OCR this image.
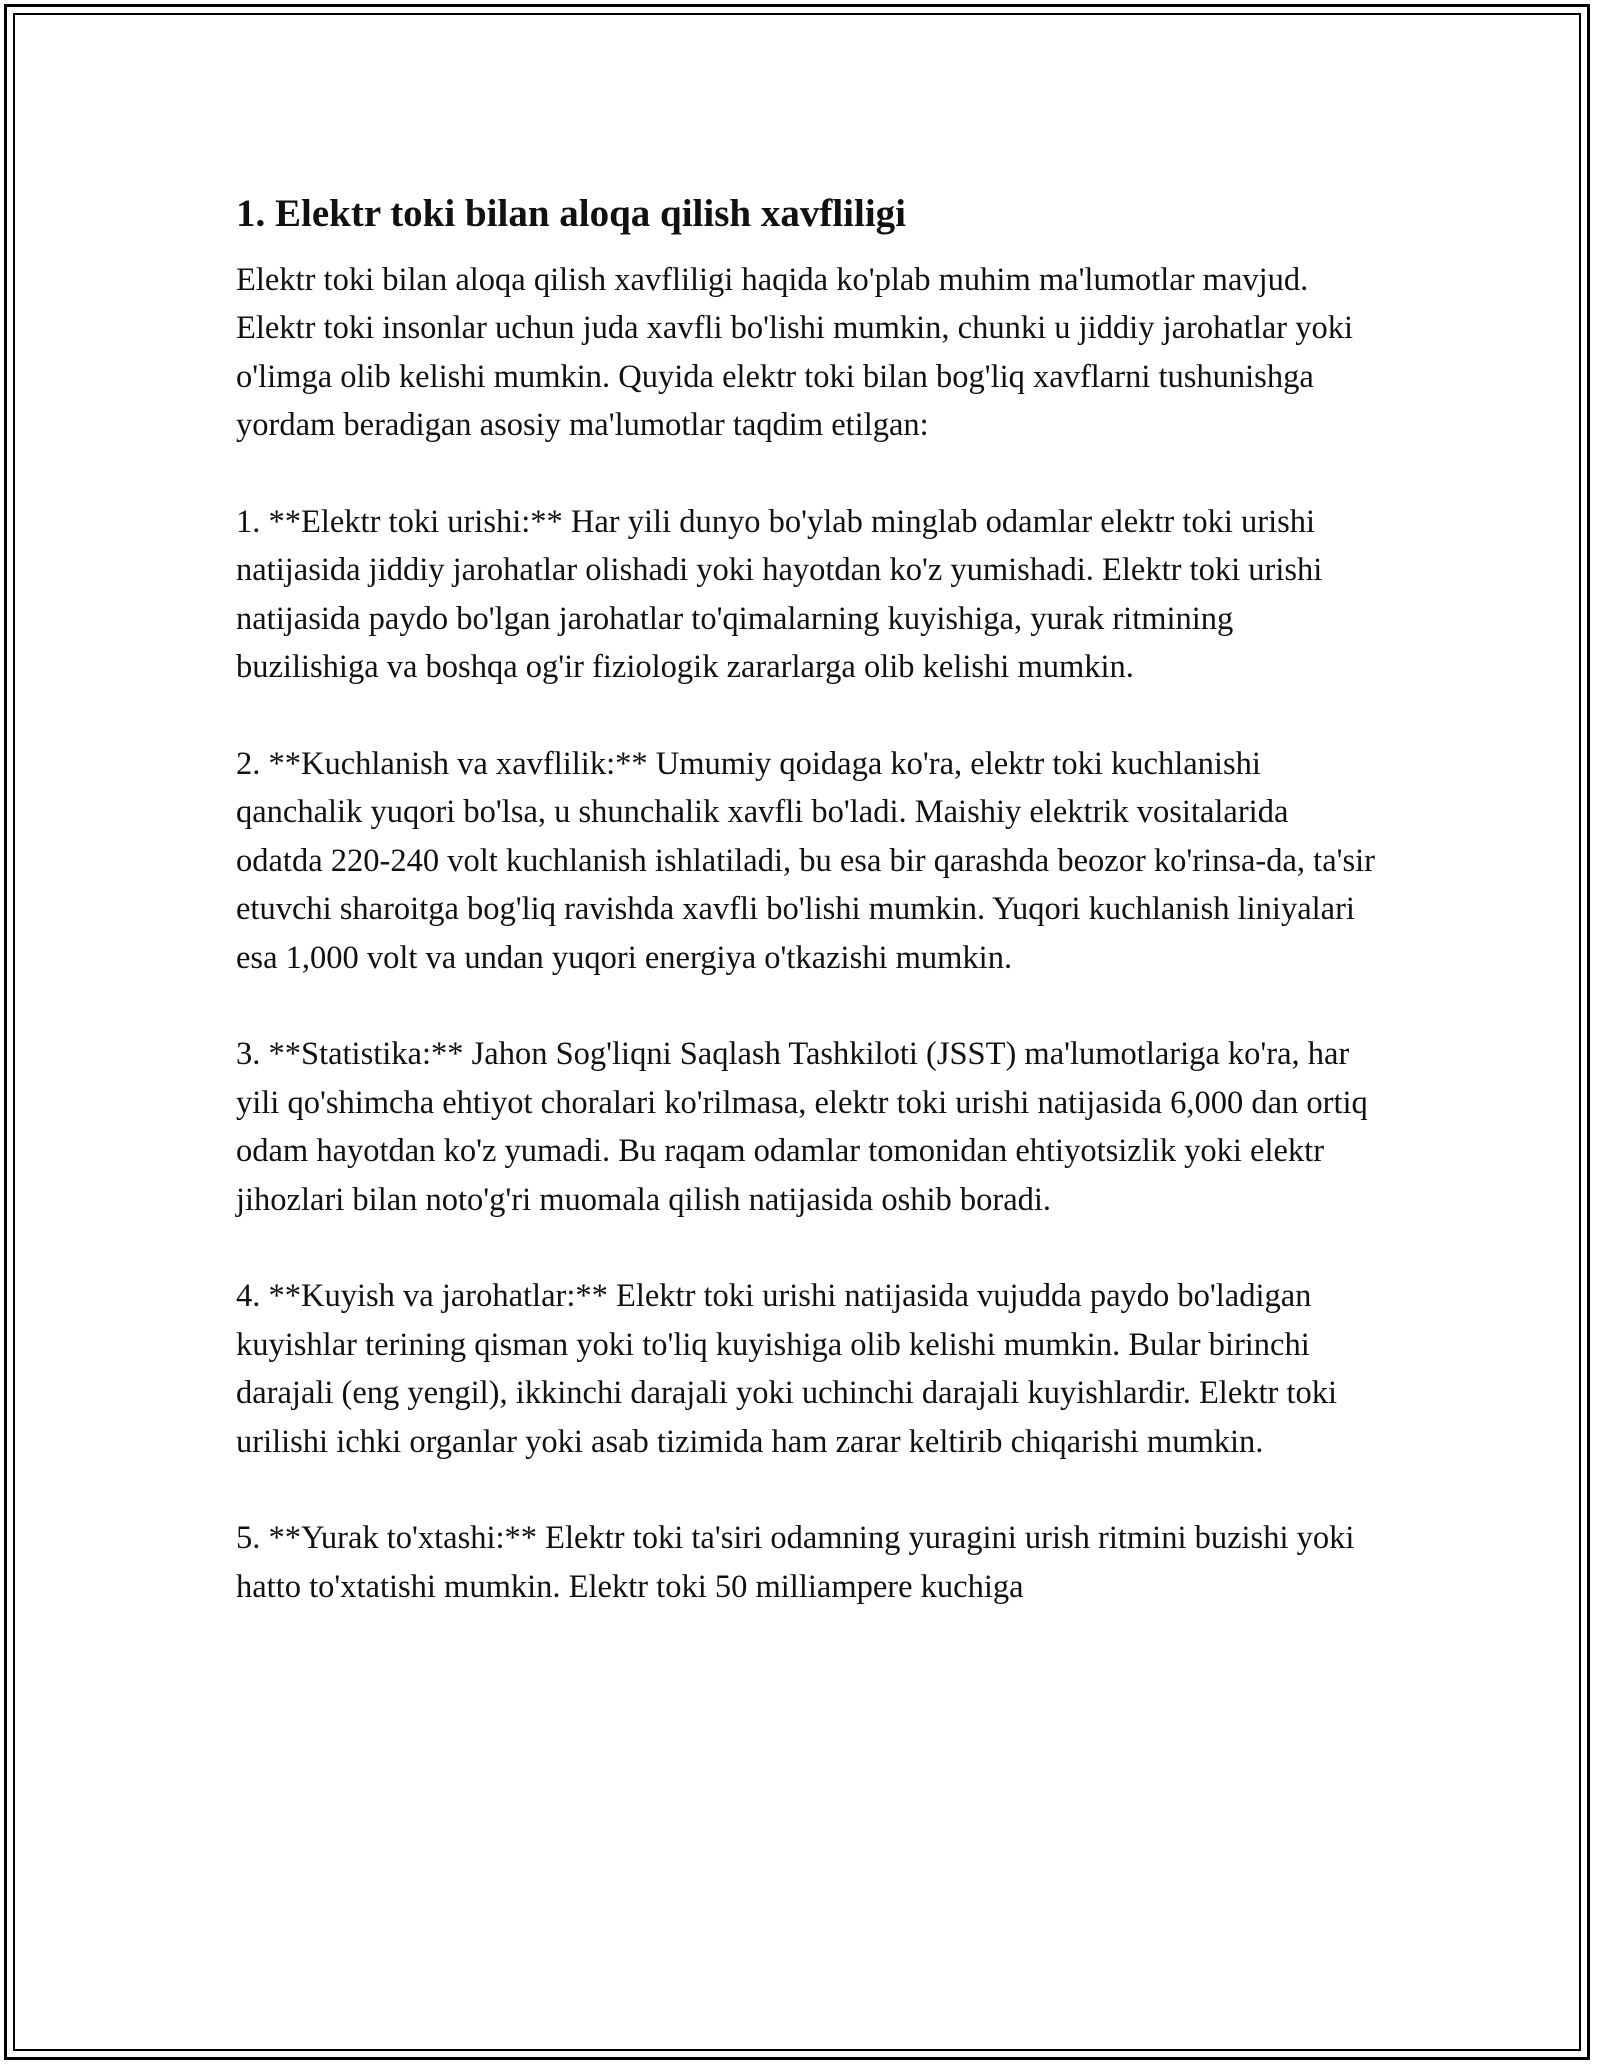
1. Elektr toki bilan aloqa qilish xavfliligi

Elektr toki bilan aloqa qilish xavfliligi haqida ko'plab muhim ma'lumotlar mavjud. Elektr toki insonlar uchun juda xavfli bo'lishi mumkin, chunki u jiddiy jarohatlar yoki o'limga olib kelishi mumkin. Quyida elektr toki bilan bog'liq xavflarni tushunishga yordam beradigan asosiy ma'lumotlar taqdim etilgan:

1. **Elektr toki urishi:** Har yili dunyo bo'ylab minglab odamlar elektr toki urishi natijasida jiddiy jarohatlar olishadi yoki hayotdan ko'z yumishadi. Elektr toki urishi natijasida paydo bo'lgan jarohatlar to'qimalarning kuyishiga, yurak ritmining buzilishiga va boshqa og'ir fiziologik zararlarga olib kelishi mumkin.

2. **Kuchlanish va xavflilik:** Umumiy qoidaga ko'ra, elektr toki kuchlanishi qanchalik yuqori bo'lsa, u shunchalik xavfli bo'ladi. Maishiy elektrik vositalarida odatda 220-240 volt kuchlanish ishlatiladi, bu esa bir qarashda beozor ko'rinsa-da, ta'sir etuvchi sharoitga bog'liq ravishda xavfli bo'lishi mumkin. Yuqori kuchlanish liniyalari esa 1,000 volt va undan yuqori energiya o'tkazishi mumkin.

3. **Statistika:** Jahon Sog'liqni Saqlash Tashkiloti (JSST) ma'lumotlariga ko'ra, har yili qo'shimcha ehtiyot choralari ko'rilmasa, elektr toki urishi natijasida 6,000 dan ortiq odam hayotdan ko'z yumadi. Bu raqam odamlar tomonidan ehtiyotsizlik yoki elektr jihozlari bilan noto'g'ri muomala qilish natijasida oshib boradi.

4. **Kuyish va jarohatlar:** Elektr toki urishi natijasida vujudda paydo bo'ladigan kuyishlar terining qisman yoki to'liq kuyishiga olib kelishi mumkin. Bular birinchi darajali (eng yengil), ikkinchi darajali yoki uchinchi darajali kuyishlardir. Elektr toki urilishi ichki organlar yoki asab tizimida ham zarar keltirib chiqarishi mumkin.

5. **Yurak to'xtashi:** Elektr toki ta'siri odamning yuragini urish ritmini buzishi yoki hatto to'xtatishi mumkin. Elektr toki 50 milliampere kuchiga
